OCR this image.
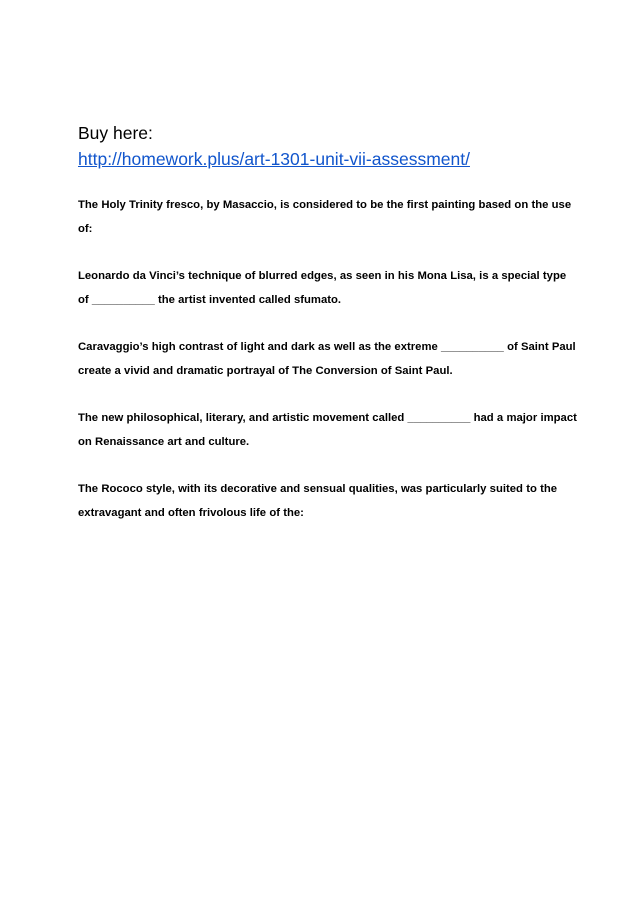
Buy here:

http://homework.plus/art-1301-unit-vii-assessment/

The Holy Trinity fresco, by Masaccio, is considered to be the first painting based on the use of:

Leonardo da Vinci’s technique of blurred edges, as seen in his Mona Lisa, is a special type of __________ the artist invented called sfumato.

Caravaggio’s high contrast of light and dark as well as the extreme __________ of Saint Paul create a vivid and dramatic portrayal of The Conversion of Saint Paul.

The new philosophical, literary, and artistic movement called __________ had a major impact on Renaissance art and culture.

The Rococo style, with its decorative and sensual qualities, was particularly suited to the extravagant and often frivolous life of the:
